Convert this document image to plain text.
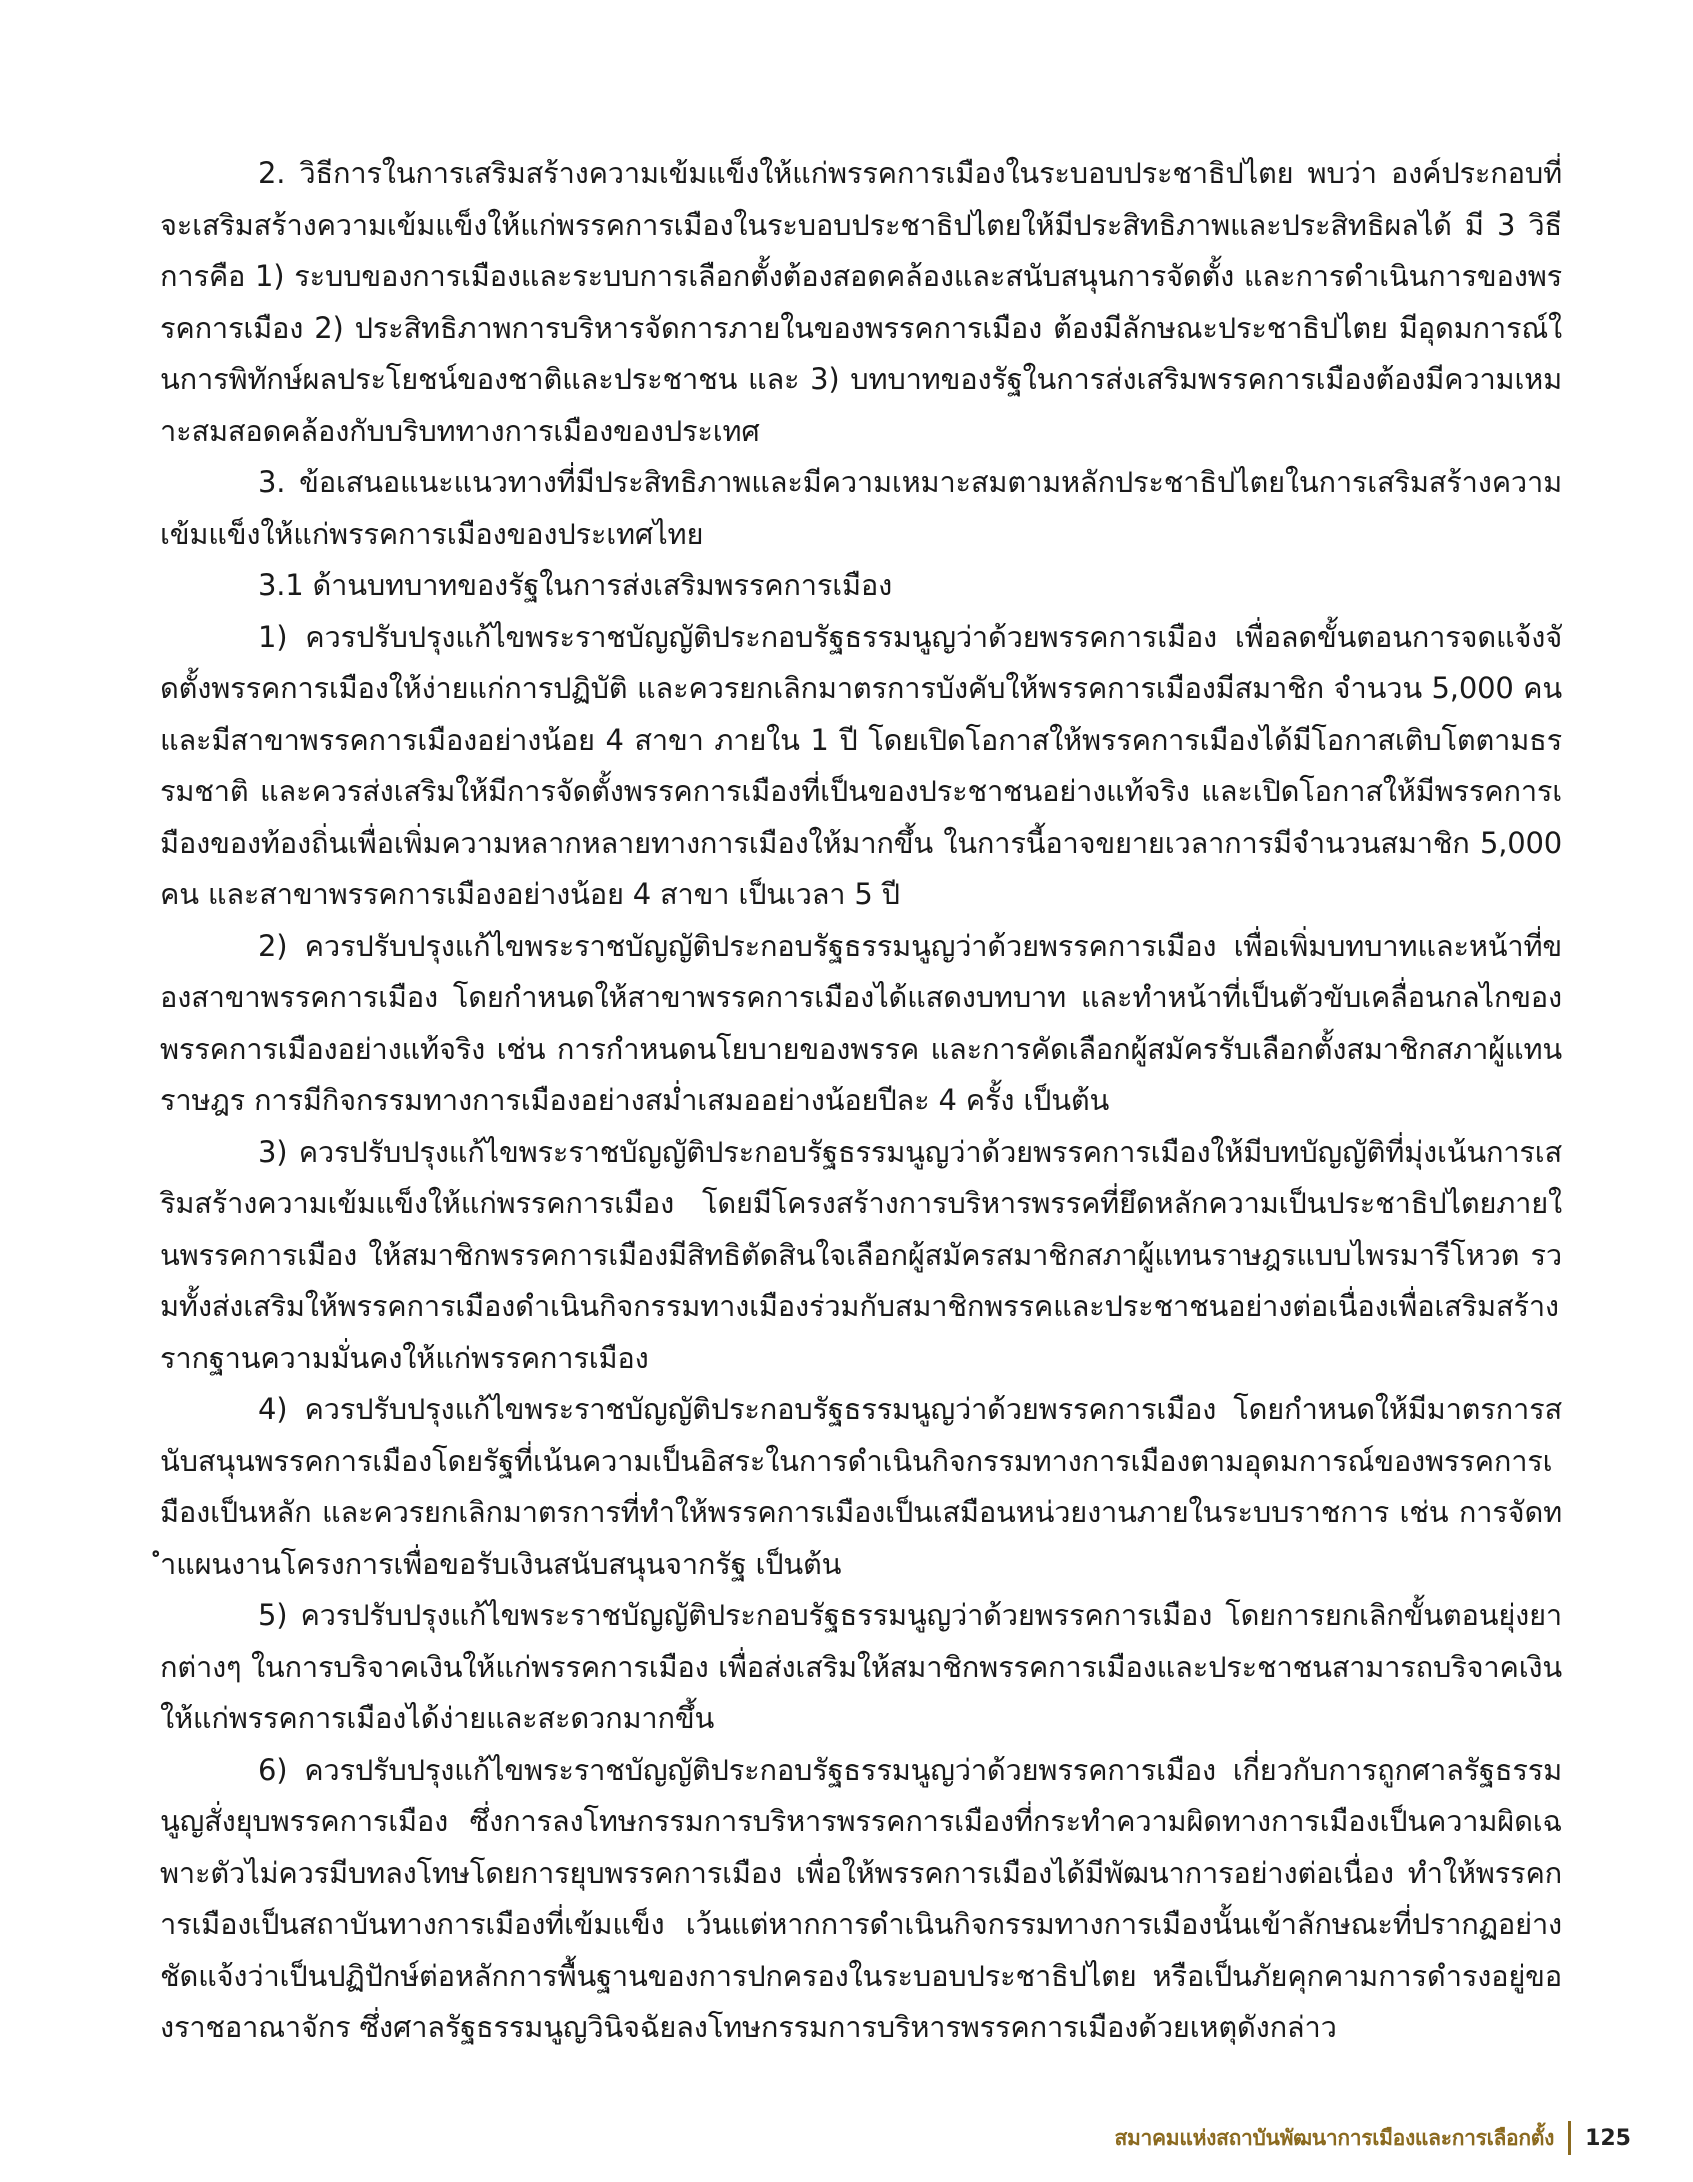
2. วิธีการในการเสริมสร้างความเข้มแข็งให้แก่พรรคการเมืองในระบอบประชาธิปไตย พบว่า องค์ประกอบที่จะเสริมสร้างความเข้มแข็งให้แก่พรรคการเมืองในระบอบประชาธิปไตยให้มีประสิทธิภาพและประสิทธิผลได้ มี 3 วิธีการคือ 1) ระบบของการเมืองและระบบการเลือกตั้งต้องสอดคล้องและสนับสนุนการจัดตั้ง และการดำเนินการของพรรคการเมือง 2) ประสิทธิภาพการบริหารจัดการภายในของพรรคการเมือง ต้องมีลักษณะประชาธิปไตย มีอุดมการณ์ในการพิทักษ์ผลประโยชน์ของชาติและประชาชน และ 3) บทบาทของรัฐในการส่งเสริมพรรคการเมืองต้องมีความเหมาะสมสอดคล้องกับบริบททางการเมืองของประเทศ

3. ข้อเสนอแนะแนวทางที่มีประสิทธิภาพและมีความเหมาะสมตามหลักประชาธิปไตยในการเสริมสร้างความเข้มแข็งให้แก่พรรคการเมืองของประเทศไทย

3.1 ด้านบทบาทของรัฐในการส่งเสริมพรรคการเมือง

1) ควรปรับปรุงแก้ไขพระราชบัญญัติประกอบรัฐธรรมนูญว่าด้วยพรรคการเมือง เพื่อลดขั้นตอนการจดแจ้งจัดตั้งพรรคการเมืองให้ง่ายแก่การปฏิบัติ และควรยกเลิกมาตรการบังคับให้พรรคการเมืองมีสมาชิก จำนวน 5,000 คน และมีสาขาพรรคการเมืองอย่างน้อย 4 สาขา ภายใน 1 ปี โดยเปิดโอกาสให้พรรคการเมืองได้มีโอกาสเติบโตตามธรรมชาติ และควรส่งเสริมให้มีการจัดตั้งพรรคการเมืองที่เป็นของประชาชนอย่างแท้จริง และเปิดโอกาสให้มีพรรคการเมืองของท้องถิ่นเพื่อเพิ่มความหลากหลายทางการเมืองให้มากขึ้น ในการนี้อาจขยายเวลาการมีจำนวนสมาชิก 5,000 คน และสาขาพรรคการเมืองอย่างน้อย 4 สาขา เป็นเวลา 5 ปี

2) ควรปรับปรุงแก้ไขพระราชบัญญัติประกอบรัฐธรรมนูญว่าด้วยพรรคการเมือง เพื่อเพิ่มบทบาทและหน้าที่ของสาขาพรรคการเมือง โดยกำหนดให้สาขาพรรคการเมืองได้แสดงบทบาท และทำหน้าที่เป็นตัวขับเคลื่อนกลไกของพรรคการเมืองอย่างแท้จริง เช่น การกำหนดนโยบายของพรรค และการคัดเลือกผู้สมัครรับเลือกตั้งสมาชิกสภาผู้แทนราษฎร การมีกิจกรรมทางการเมืองอย่างสม่ำเสมออย่างน้อยปีละ 4 ครั้ง เป็นต้น

3) ควรปรับปรุงแก้ไขพระราชบัญญัติประกอบรัฐธรรมนูญว่าด้วยพรรคการเมืองให้มีบทบัญญัติที่มุ่งเน้นการเสริมสร้างความเข้มแข็งให้แก่พรรคการเมือง โดยมีโครงสร้างการบริหารพรรคที่ยึดหลักความเป็นประชาธิปไตยภายในพรรคการเมือง ให้สมาชิกพรรคการเมืองมีสิทธิตัดสินใจเลือกผู้สมัครสมาชิกสภาผู้แทนราษฎรแบบไพรมารีโหวต รวมทั้งส่งเสริมให้พรรคการเมืองดำเนินกิจกรรมทางเมืองร่วมกับสมาชิกพรรคและประชาชนอย่างต่อเนื่องเพื่อเสริมสร้างรากฐานความมั่นคงให้แก่พรรคการเมือง

4) ควรปรับปรุงแก้ไขพระราชบัญญัติประกอบรัฐธรรมนูญว่าด้วยพรรคการเมือง โดยกำหนดให้มีมาตรการสนับสนุนพรรคการเมืองโดยรัฐที่เน้นความเป็นอิสระในการดำเนินกิจกรรมทางการเมืองตามอุดมการณ์ของพรรคการเมืองเป็นหลัก และควรยกเลิกมาตรการที่ทำให้พรรคการเมืองเป็นเสมือนหน่วยงานภายในระบบราชการ เช่น การจัดทำแผนงานโครงการเพื่อขอรับเงินสนับสนุนจากรัฐ เป็นต้น

5) ควรปรับปรุงแก้ไขพระราชบัญญัติประกอบรัฐธรรมนูญว่าด้วยพรรคการเมือง โดยการยกเลิกขั้นตอนยุ่งยากต่างๆ ในการบริจาคเงินให้แก่พรรคการเมือง เพื่อส่งเสริมให้สมาชิกพรรคการเมืองและประชาชนสามารถบริจาคเงินให้แก่พรรคการเมืองได้ง่ายและสะดวกมากขึ้น

6) ควรปรับปรุงแก้ไขพระราชบัญญัติประกอบรัฐธรรมนูญว่าด้วยพรรคการเมือง เกี่ยวกับการถูกศาลรัฐธรรมนูญสั่งยุบพรรคการเมือง ซึ่งการลงโทษกรรมการบริหารพรรคการเมืองที่กระทำความผิดทางการเมืองเป็นความผิดเฉพาะตัวไม่ควรมีบทลงโทษโดยการยุบพรรคการเมือง เพื่อให้พรรคการเมืองได้มีพัฒนาการอย่างต่อเนื่อง ทำให้พรรคการเมืองเป็นสถาบันทางการเมืองที่เข้มแข็ง เว้นแต่หากการดำเนินกิจกรรมทางการเมืองนั้นเข้าลักษณะที่ปรากฏอย่างชัดแจ้งว่าเป็นปฏิปักษ์ต่อหลักการพื้นฐานของการปกครองในระบอบประชาธิปไตย หรือเป็นภัยคุกคามการดำรงอยู่ของราชอาณาจักร ซึ่งศาลรัฐธรรมนูญวินิจฉัยลงโทษกรรมการบริหารพรรคการเมืองด้วยเหตุดังกล่าว

สมาคมแห่งสถาบันพัฒนาการเมืองและการเลือกตั้ง 125
